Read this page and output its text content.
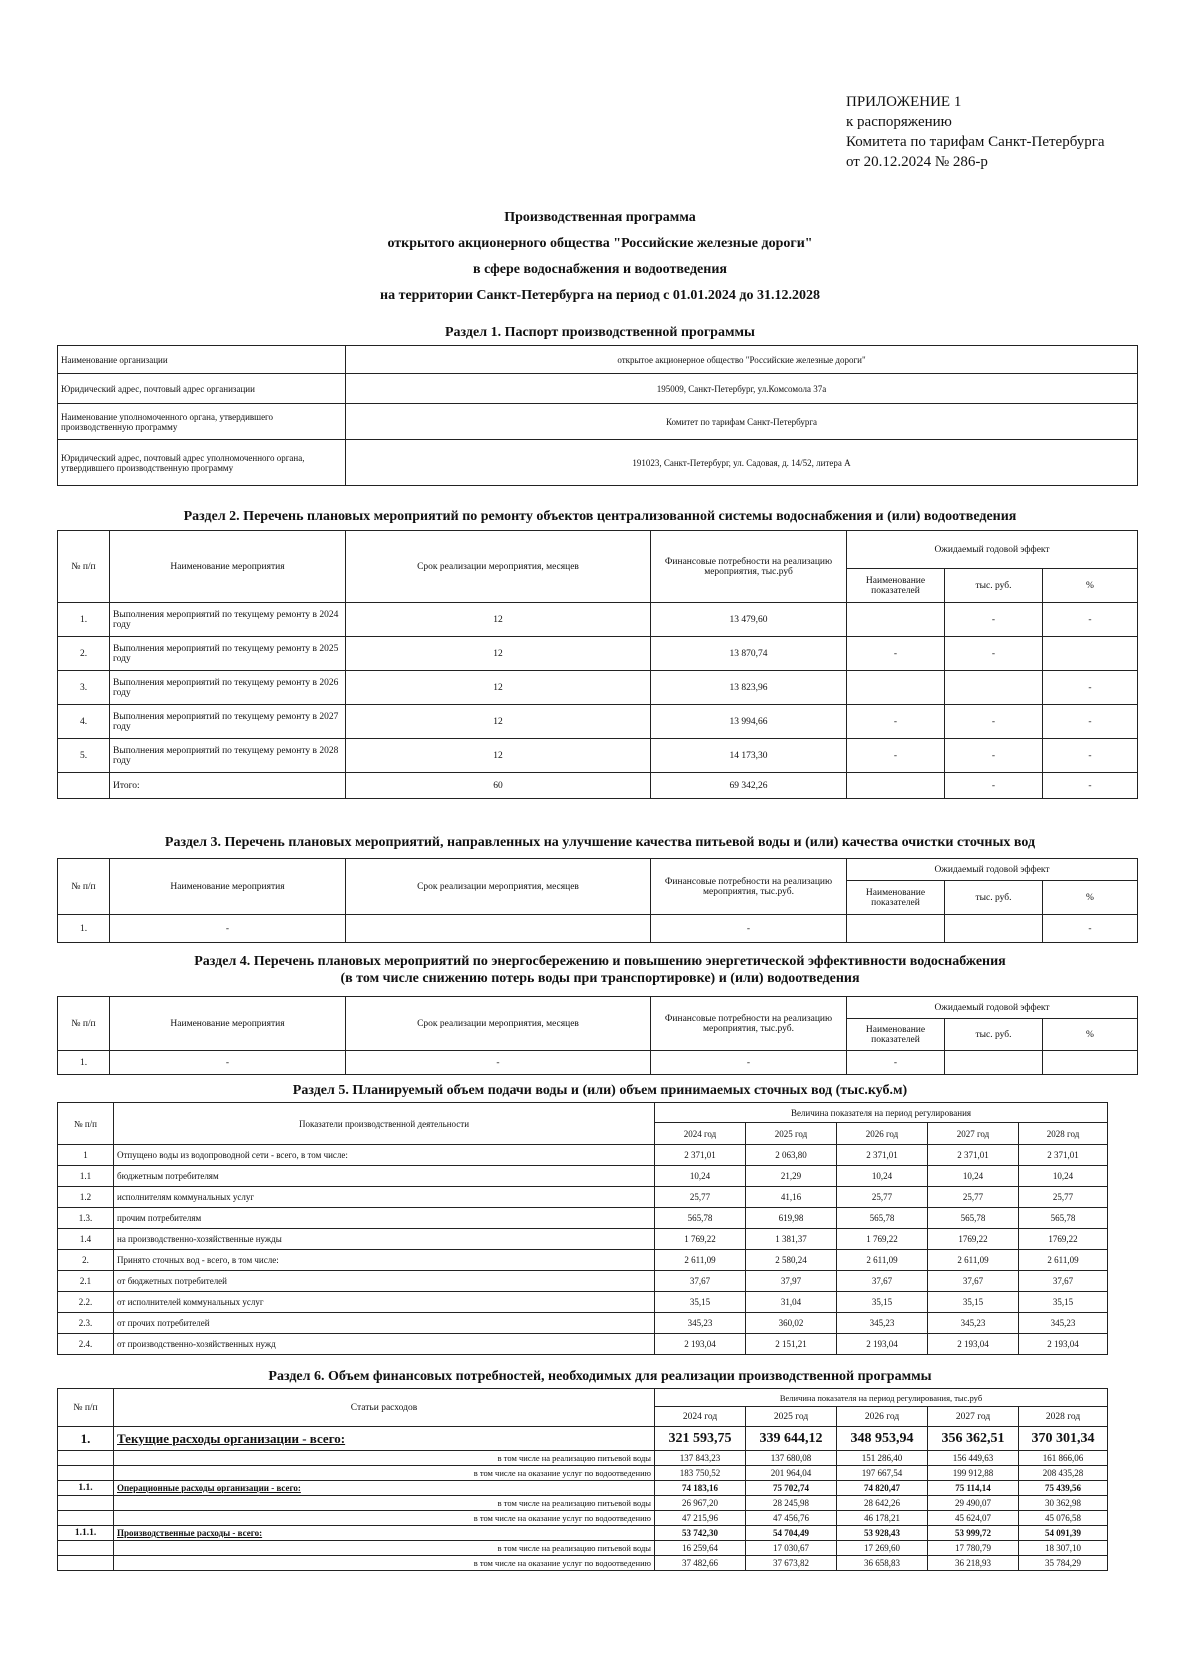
ПРИЛОЖЕНИЕ 1
к распоряжению
Комитета по тарифам Санкт-Петербурга
от 20.12.2024 № 286-р
Производственная программа
открытого акционерного общества "Российские железные дороги"
в сфере водоснабжения и водоотведения
на территории Санкт-Петербурга на период с 01.01.2024 до 31.12.2028
Раздел 1. Паспорт производственной программы
Наименование организации	открытое акционерное общество "Российские железные дороги"
Юридический адрес, почтовый адрес организации	195009, Санкт-Петербург, ул.Комсомола 37а
Наименование уполномоченного органа, утвердившего производственную программу	Комитет по тарифам Санкт-Петербурга
Юридический адрес, почтовый адрес уполномоченного органа, утвердившего производственную программу	191023, Санкт-Петербург, ул. Садовая, д. 14/52, литера А
Раздел 2. Перечень плановых мероприятий по ремонту объектов централизованной системы водоснабжения и (или) водоотведения
№ п/п	Наименование мероприятия	Срок реализации мероприятия, месяцев	Финансовые потребности на реализацию мероприятия, тыс.руб	Ожидаемый годовой эффект		
				Наименование показателей	тыс. руб.	%
1.	Выполнения мероприятий по текущему ремонту в 2024 году	12	13 479,60		-	-
2.	Выполнения мероприятий по текущему ремонту в 2025 году	12	13 870,74	-	-	
3.	Выполнения мероприятий по текущему ремонту в 2026 году	12	13 823,96			-
4.	Выполнения мероприятий по текущему ремонту в 2027 году	12	13 994,66	-	-	-
5.	Выполнения мероприятий по текущему ремонту в 2028 году	12	14 173,30	-	-	-
	Итого:	60	69 342,26		-	-
Раздел 3. Перечень плановых мероприятий, направленных на улучшение качества питьевой воды и (или) качества очистки сточных вод
№ п/п	Наименование мероприятия	Срок реализации мероприятия, месяцев	Финансовые потребности на реализацию мероприятия, тыс.руб.	Ожидаемый годовой эффект		
				Наименование показателей	тыс. руб.	%
1.	-		-			-
Раздел 4. Перечень плановых мероприятий по энергосбережению и повышению энергетической эффективности водоснабжения
(в том числе снижению потерь воды при транспортировке) и (или) водоотведения
№ п/п	Наименование мероприятия	Срок реализации мероприятия, месяцев	Финансовые потребности на реализацию мероприятия, тыс.руб.	Ожидаемый годовой эффект		
				Наименование показателей	тыс. руб.	%
1.	-	-	-	-		
Раздел 5. Планируемый объем подачи воды и (или) объем принимаемых сточных вод (тыс.куб.м)
№ п/п	Показатели производственной деятельности	Величина показателя на период регулирования				
		2024 год	2025 год	2026 год	2027 год	2028 год
1	Отпущено воды из водопроводной сети - всего, в том числе:	2 371,01	2 063,80	2 371,01	2 371,01	2 371,01
1.1	бюджетным потребителям	10,24	21,29	10,24	10,24	10,24
1.2	исполнителям коммунальных услуг	25,77	41,16	25,77	25,77	25,77
1.3.	прочим потребителям	565,78	619,98	565,78	565,78	565,78
1.4	на производственно-хозяйственные нужды	1 769,22	1 381,37	1 769,22	1769,22	1769,22
2.	Принято сточных вод - всего, в том числе:	2 611,09	2 580,24	2 611,09	2 611,09	2 611,09
2.1	от бюджетных потребителей	37,67	37,97	37,67	37,67	37,67
2.2.	от исполнителей коммунальных услуг	35,15	31,04	35,15	35,15	35,15
2.3.	от прочих потребителей	345,23	360,02	345,23	345,23	345,23
2.4.	от производственно-хозяйственных нужд	2 193,04	2 151,21	2 193,04	2 193,04	2 193,04
Раздел 6. Объем финансовых потребностей, необходимых для реализации производственной программы
№ п/п	Статьи расходов	Величина показателя на период регулирования, тыс.руб				
		2024 год	2025 год	2026 год	2027 год	2028 год
1.	Текущие расходы организации - всего:	321 593,75	339 644,12	348 953,94	356 362,51	370 301,34
	в том числе на реализацию питьевой воды	137 843,23	137 680,08	151 286,40	156 449,63	161 866,06
	в том числе на оказание услуг по водоотведению	183 750,52	201 964,04	197 667,54	199 912,88	208 435,28
1.1.	Операционные расходы организации - всего:	74 183,16	75 702,74	74 820,47	75 114,14	75 439,56
	в том числе на реализацию питьевой воды	26 967,20	28 245,98	28 642,26	29 490,07	30 362,98
	в том числе на оказание услуг по водоотведению	47 215,96	47 456,76	46 178,21	45 624,07	45 076,58
1.1.1.	Производственные расходы - всего:	53 742,30	54 704,49	53 928,43	53 999,72	54 091,39
	в том числе на реализацию питьевой воды	16 259,64	17 030,67	17 269,60	17 780,79	18 307,10
	в том числе на оказание услуг по водоотведению	37 482,66	37 673,82	36 658,83	36 218,93	35 784,29
